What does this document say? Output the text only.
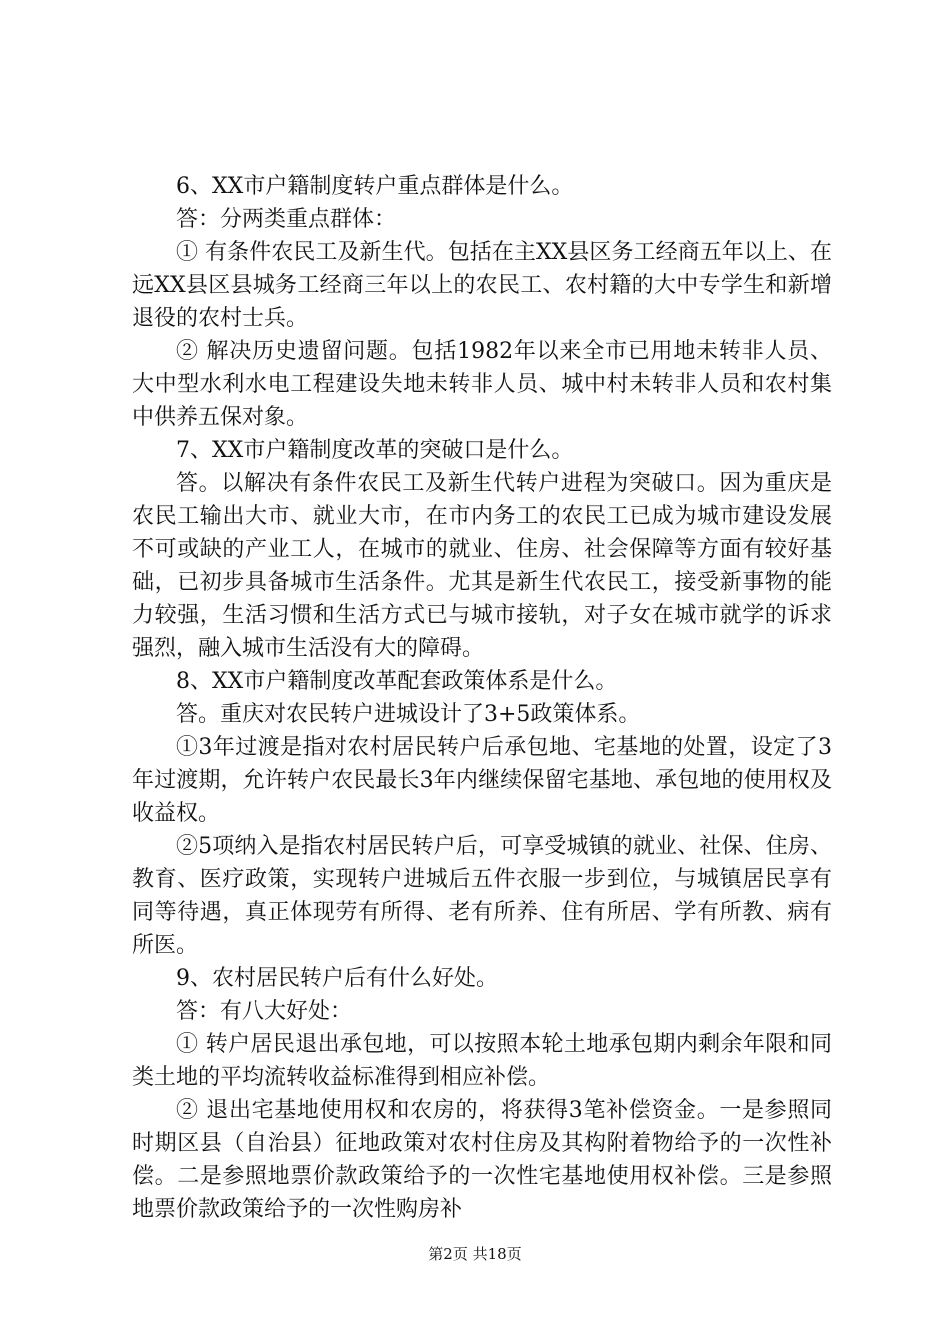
6、XX市户籍制度转户重点群体是什么。

答：分两类重点群体：

① 有条件农民工及新生代。包括在主XX县区务工经商五年以上、在远XX县区县城务工经商三年以上的农民工、农村籍的大中专学生和新增退役的农村士兵。

② 解决历史遗留问题。包括1982年以来全市已用地未转非人员、大中型水利水电工程建设失地未转非人员、城中村未转非人员和农村集中供养五保对象。

7、XX市户籍制度改革的突破口是什么。

答。以解决有条件农民工及新生代转户进程为突破口。因为重庆是农民工输出大市、就业大市，在市内务工的农民工已成为城市建设发展不可或缺的产业工人，在城市的就业、住房、社会保障等方面有较好基础，已初步具备城市生活条件。尤其是新生代农民工，接受新事物的能力较强，生活习惯和生活方式已与城市接轨，对子女在城市就学的诉求强烈，融入城市生活没有大的障碍。

8、XX市户籍制度改革配套政策体系是什么。

答。重庆对农民转户进城设计了3+5政策体系。

①3年过渡是指对农村居民转户后承包地、宅基地的处置，设定了3年过渡期，允许转户农民最长3年内继续保留宅基地、承包地的使用权及收益权。

②5项纳入是指农村居民转户后，可享受城镇的就业、社保、住房、教育、医疗政策，实现转户进城后五件衣服一步到位，与城镇居民享有同等待遇，真正体现劳有所得、老有所养、住有所居、学有所教、病有所医。

9、农村居民转户后有什么好处。

答：有八大好处：

① 转户居民退出承包地，可以按照本轮土地承包期内剩余年限和同类土地的平均流转收益标准得到相应补偿。

② 退出宅基地使用权和农房的，将获得3笔补偿资金。一是参照同时期区县（自治县）征地政策对农村住房及其构附着物给予的一次性补偿。二是参照地票价款政策给予的一次性宅基地使用权补偿。三是参照地票价款政策给予的一次性购房补

第2页 共18页
